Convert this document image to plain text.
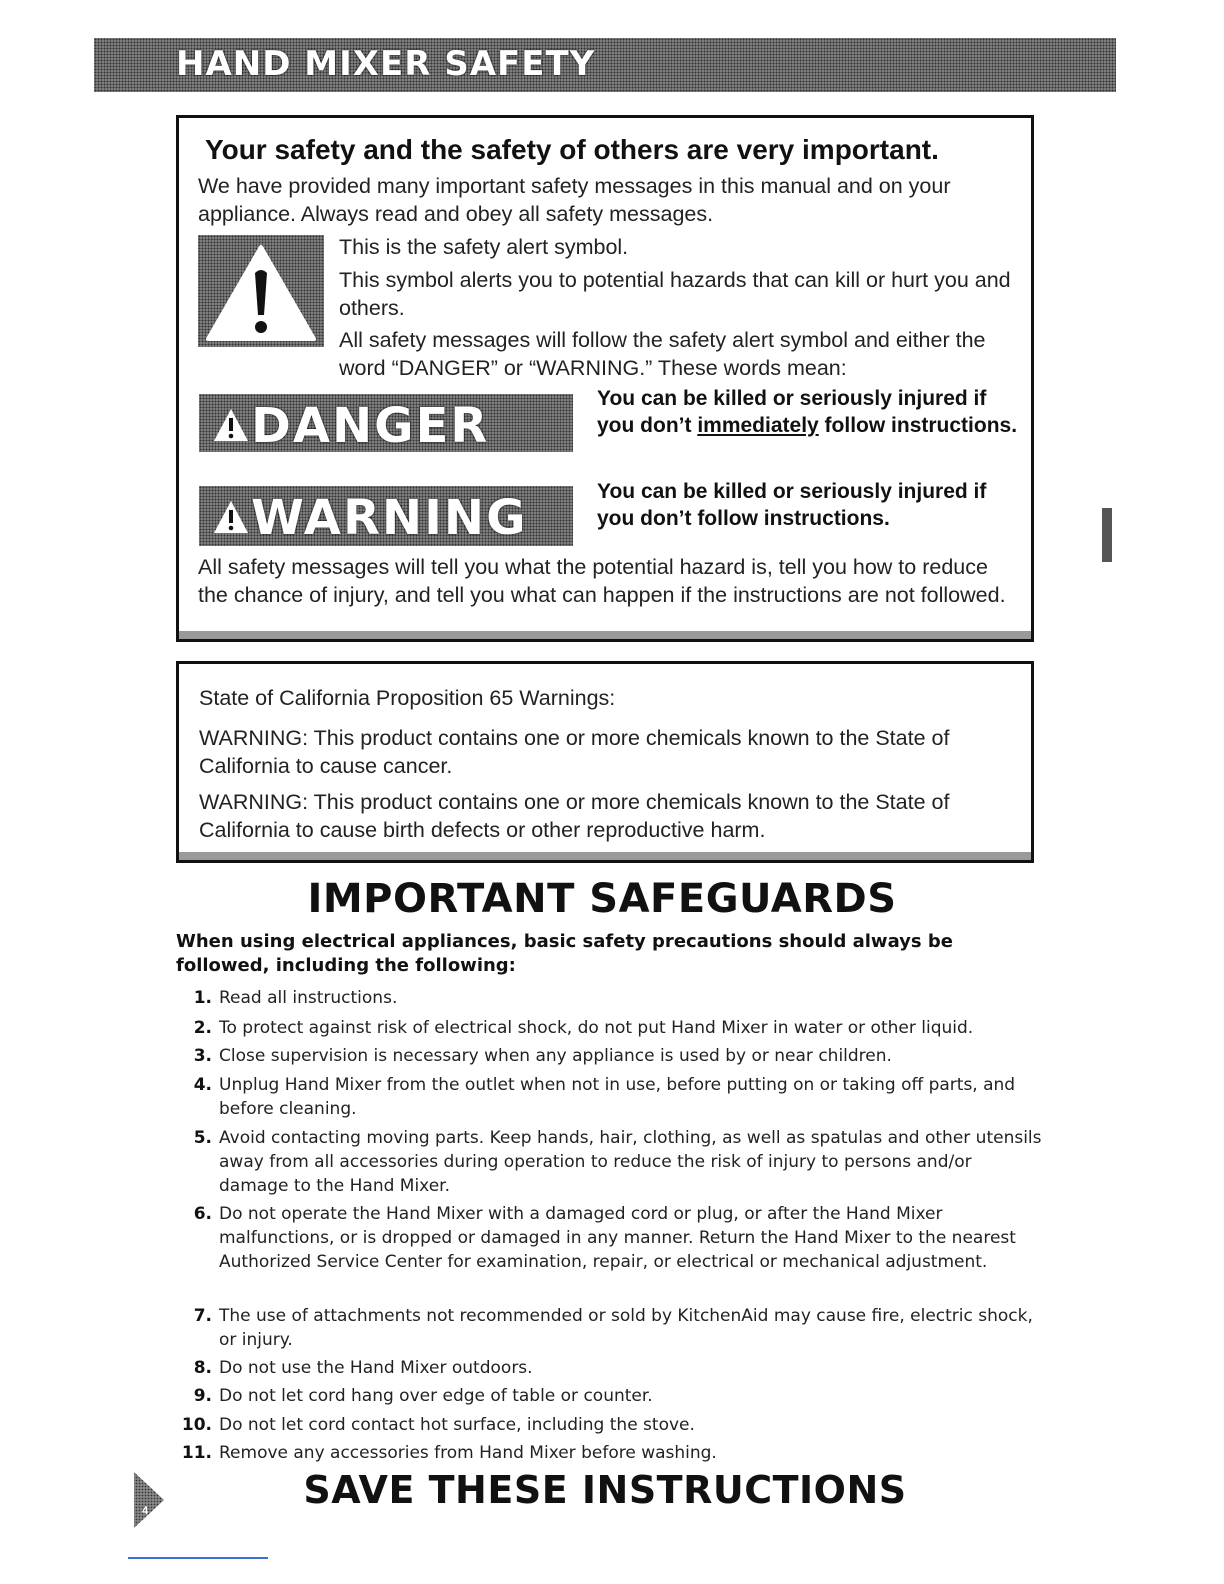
HAND MIXER SAFETY
Your safety and the safety of others are very important.
We have provided many important safety messages in this manual and on your appliance. Always read and obey all safety messages.
This is the safety alert symbol.
This symbol alerts you to potential hazards that can kill or hurt you and others.
All safety messages will follow the safety alert symbol and either the word “DANGER” or “WARNING.” These words mean:
DANGER	You can be killed or seriously injured if you don’t immediately follow instructions.
WARNING	You can be killed or seriously injured if you don’t follow instructions.
All safety messages will tell you what the potential hazard is, tell you how to reduce the chance of injury, and tell you what can happen if the instructions are not followed.
State of California Proposition 65 Warnings:
WARNING: This product contains one or more chemicals known to the State of California to cause cancer.
WARNING: This product contains one or more chemicals known to the State of California to cause birth defects or other reproductive harm.
IMPORTANT SAFEGUARDS
When using electrical appliances, basic safety precautions should always be followed, including the following:
1. Read all instructions.
2. To protect against risk of electrical shock, do not put Hand Mixer in water or other liquid.
3. Close supervision is necessary when any appliance is used by or near children.
4. Unplug Hand Mixer from the outlet when not in use, before putting on or taking off parts, and before cleaning.
5. Avoid contacting moving parts. Keep hands, hair, clothing, as well as spatulas and other utensils away from all accessories during operation to reduce the risk of injury to persons and/or damage to the Hand Mixer.
6. Do not operate the Hand Mixer with a damaged cord or plug, or after the Hand Mixer malfunctions, or is dropped or damaged in any manner. Return the Hand Mixer to the nearest Authorized Service Center for examination, repair, or electrical or mechanical adjustment.
7. The use of attachments not recommended or sold by KitchenAid may cause fire, electric shock, or injury.
8. Do not use the Hand Mixer outdoors.
9. Do not let cord hang over edge of table or counter.
10. Do not let cord contact hot surface, including the stove.
11. Remove any accessories from Hand Mixer before washing.
SAVE THESE INSTRUCTIONS
4
